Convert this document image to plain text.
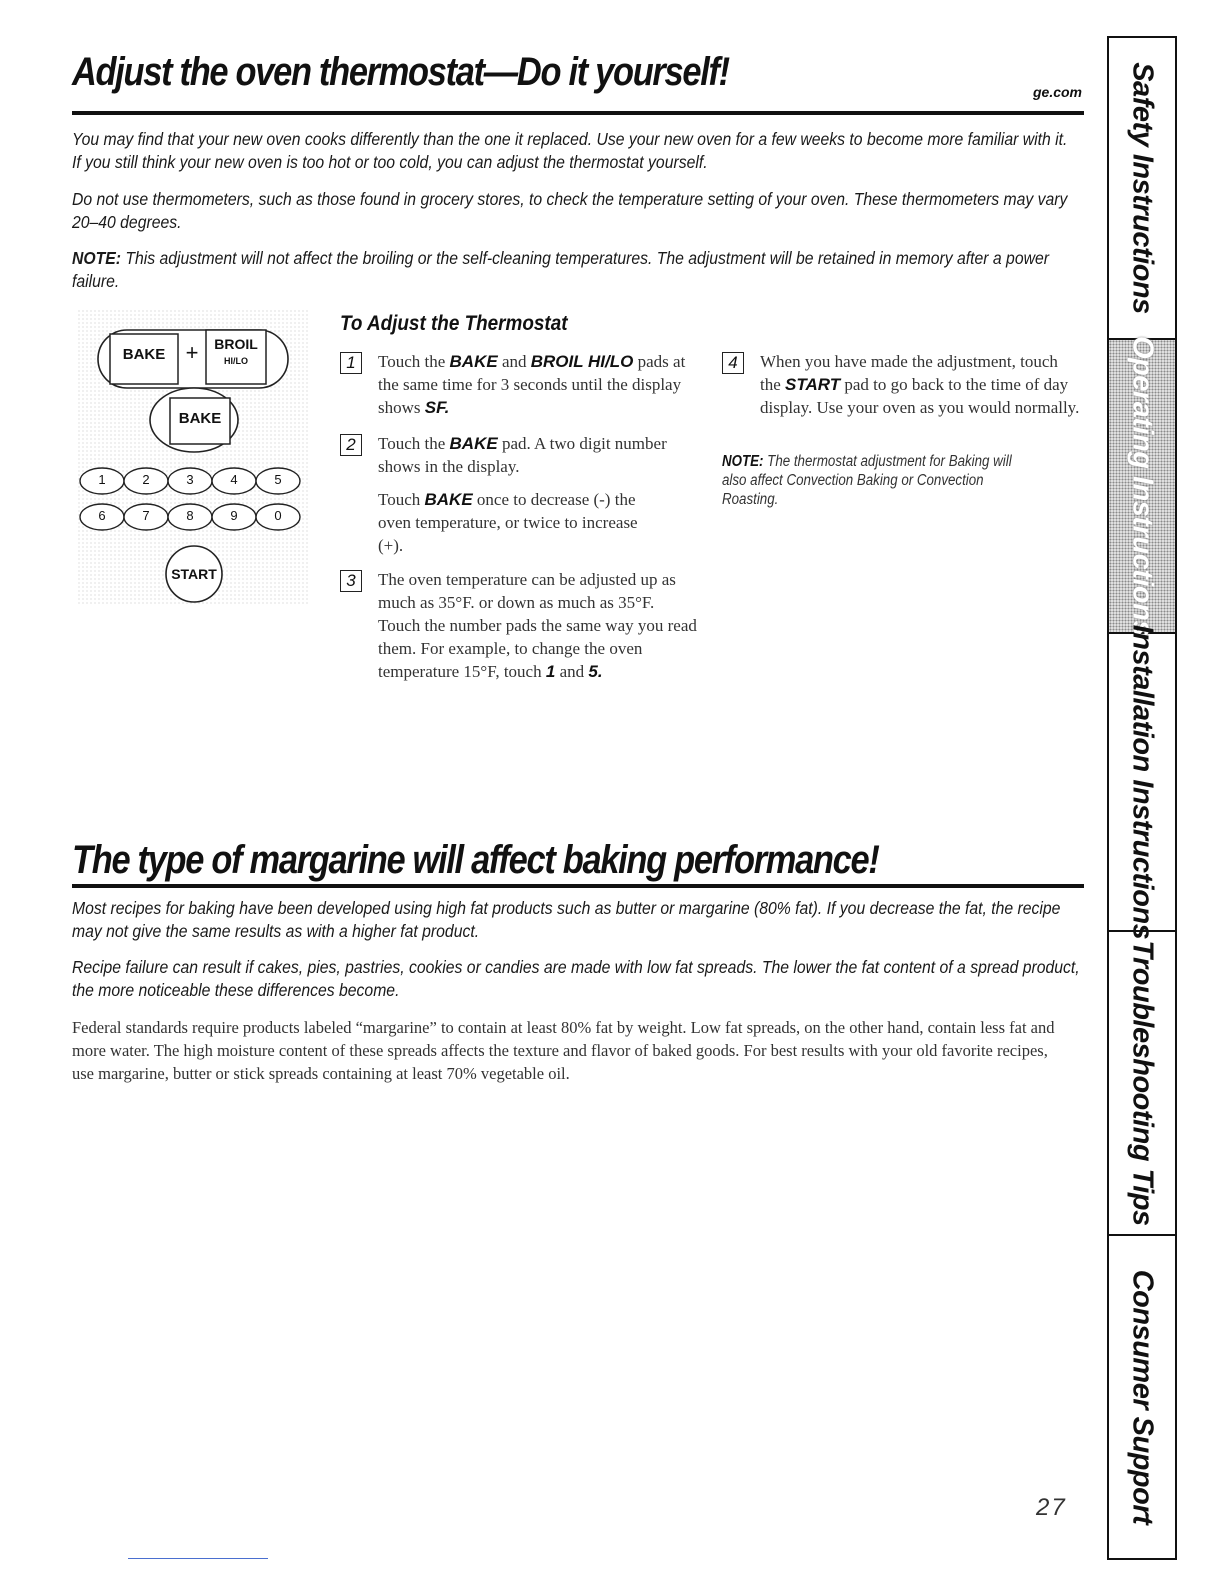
Adjust the oven thermostat—Do it yourself!	ge.com

You may find that your new oven cooks differently than the one it replaced. Use your new oven for a few weeks to become more familiar with it. If you still think your new oven is too hot or too cold, you can adjust the thermostat yourself.

Do not use thermometers, such as those found in grocery stores, to check the temperature setting of your oven. These thermometers may vary 20–40 degrees.

NOTE: This adjustment will not affect the broiling or the self-cleaning temperatures. The adjustment will be retained in memory after a power failure.

BAKE +	BROIL
HI/LO
BAKE
1	2	3	4	5
6	7	8	9	0
START
To Adjust the Thermostat
1	Touch the BAKE and BROIL HI/LO pads at the same time for 3 seconds until the display shows SF.
2	Touch the BAKE pad. A two digit number shows in the display.
Touch BAKE once to decrease (-) the oven temperature, or twice to increase (+).
3	The oven temperature can be adjusted up as much as 35°F. or down as much as 35°F. Touch the number pads the same way you read them. For example, to change the oven temperature 15°F, touch 1 and 5.
4	When you have made the adjustment, touch the START pad to go back to the time of day display. Use your oven as you would normally.
NOTE: The thermostat adjustment for Baking will also affect Convection Baking or Convection Roasting.
The type of margarine will affect baking performance!

Most recipes for baking have been developed using high fat products such as butter or margarine (80% fat). If you decrease the fat, the recipe may not give the same results as with a higher fat product.

Recipe failure can result if cakes, pies, pastries, cookies or candies are made with low fat spreads. The lower the fat content of a spread product, the more noticeable these differences become.

Federal standards require products labeled “margarine” to contain at least 80% fat by weight. Low fat spreads, on the other hand, contain less fat and more water. The high moisture content of these spreads affects the texture and flavor of baked goods. For best results with your old favorite recipes, use margarine, butter or stick spreads containing at least 70% vegetable oil.

Safety Instructions
Operating Instructions
Installation Instructions
Troubleshooting Tips
Consumer Support
27
